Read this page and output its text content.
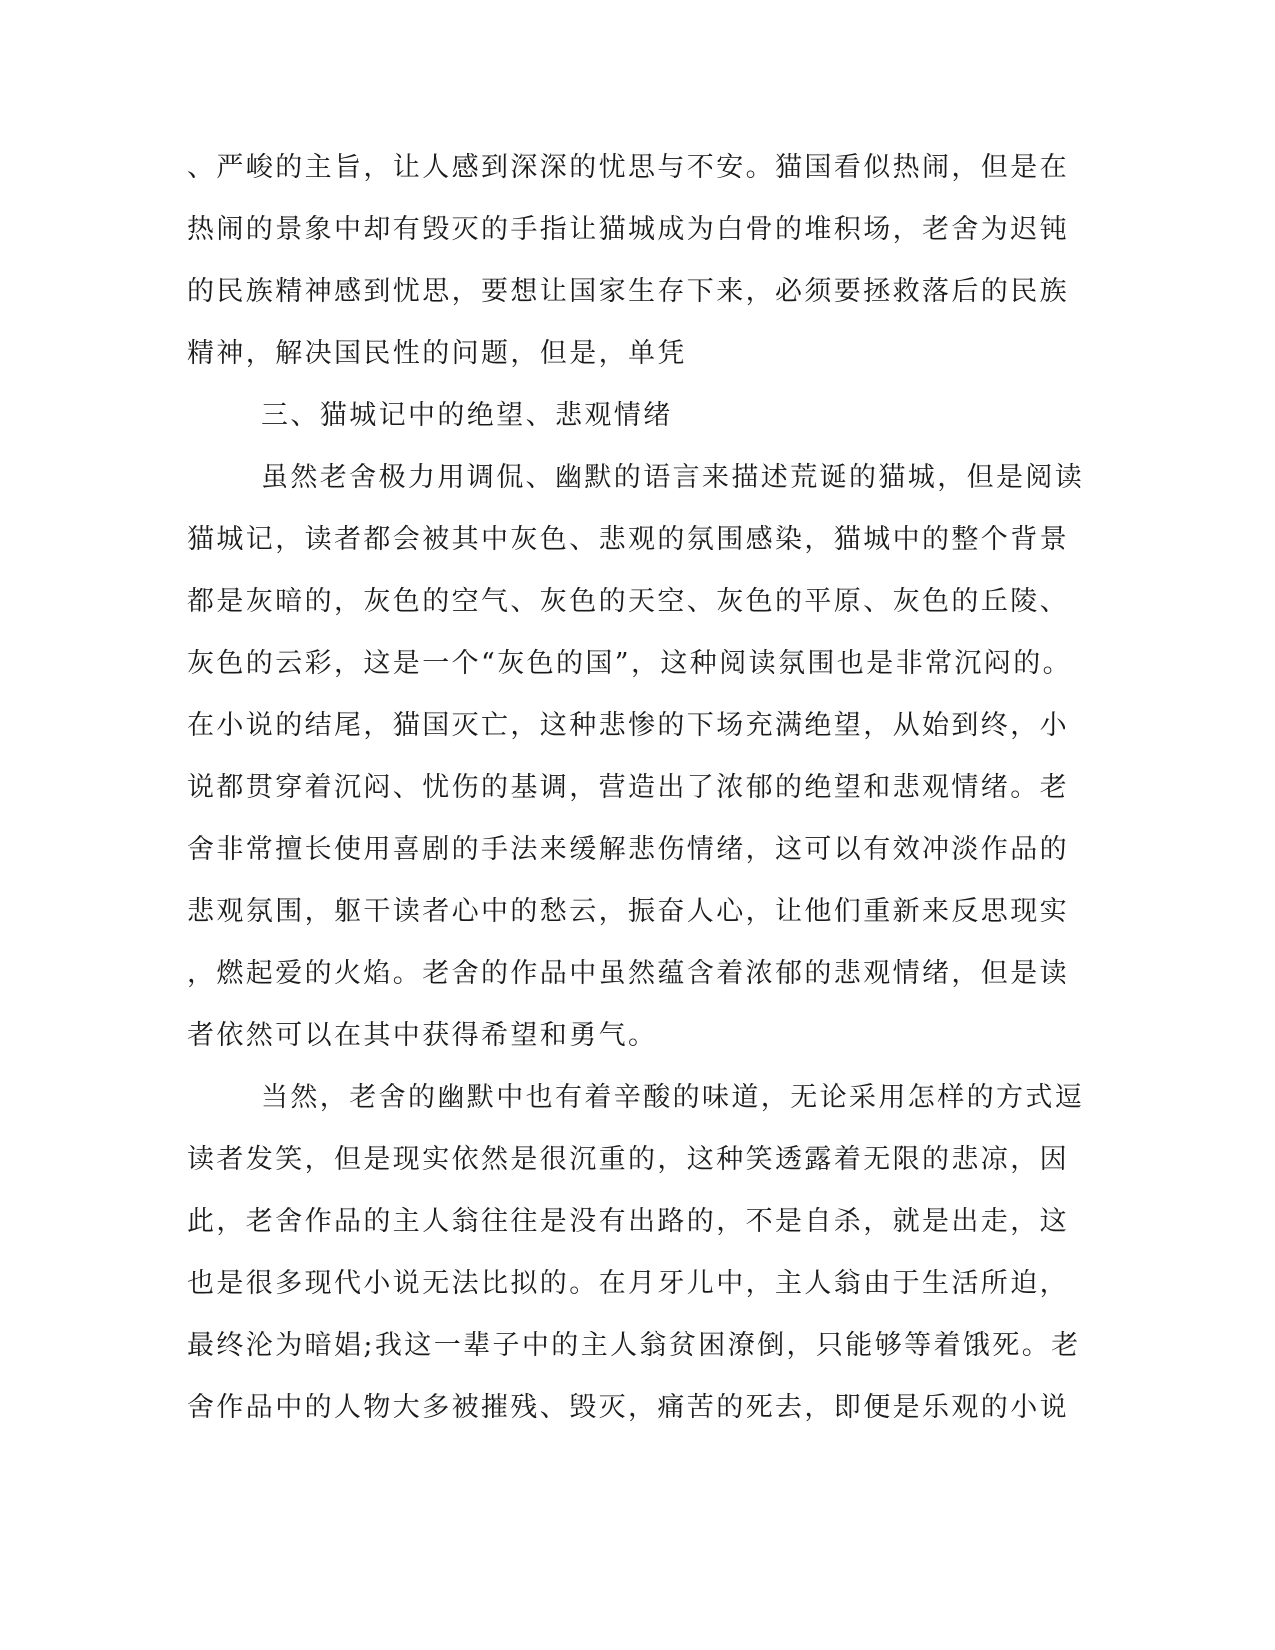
、严峻的主旨，让人感到深深的忧思与不安。猫国看似热闹，但是在
热闹的景象中却有毁灭的手指让猫城成为白骨的堆积场，老舍为迟钝
的民族精神感到忧思，要想让国家生存下来，必须要拯救落后的民族
精神，解决国民性的问题，但是，单凭
三、猫城记中的绝望、悲观情绪
虽然老舍极力用调侃、幽默的语言来描述荒诞的猫城，但是阅读
猫城记，读者都会被其中灰色、悲观的氛围感染，猫城中的整个背景
都是灰暗的，灰色的空气、灰色的天空、灰色的平原、灰色的丘陵、
灰色的云彩，这是一个“灰色的国”，这种阅读氛围也是非常沉闷的。
在小说的结尾，猫国灭亡，这种悲惨的下场充满绝望，从始到终，小
说都贯穿着沉闷、忧伤的基调，营造出了浓郁的绝望和悲观情绪。老
舍非常擅长使用喜剧的手法来缓解悲伤情绪，这可以有效冲淡作品的
悲观氛围，躯干读者心中的愁云，振奋人心，让他们重新来反思现实
，燃起爱的火焰。老舍的作品中虽然蕴含着浓郁的悲观情绪，但是读
者依然可以在其中获得希望和勇气。
当然，老舍的幽默中也有着辛酸的味道，无论采用怎样的方式逗
读者发笑，但是现实依然是很沉重的，这种笑透露着无限的悲凉，因
此，老舍作品的主人翁往往是没有出路的，不是自杀，就是出走，这
也是很多现代小说无法比拟的。在月牙儿中，主人翁由于生活所迫，
最终沦为暗娼;我这一辈子中的主人翁贫困潦倒，只能够等着饿死。老
舍作品中的人物大多被摧残、毁灭，痛苦的死去，即便是乐观的小说
